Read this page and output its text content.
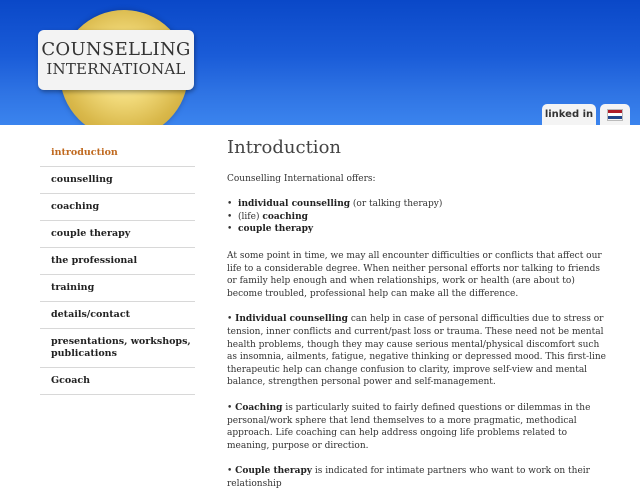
COUNSELLING
INTERNATIONAL
linked in
introduction
counselling
coaching
couple therapy
the professional
training
details/contact
presentations, workshops, publications
Gcoach
Introduction

Counselling International offers:

•  individual counselling (or talking therapy)
•  (life) coaching
•  couple therapy

At some point in time, we may all encounter difficulties or conflicts that affect our life to a considerable degree. When neither personal efforts nor talking to friends or family help enough and when relationships, work or health (are about to) become troubled, professional help can make all the difference.

• Individual counselling can help in case of personal difficulties due to stress or tension, inner conflicts and current/past loss or trauma. These need not be mental health problems, though they may cause serious mental/physical discomfort such as insomnia, ailments, fatigue, negative thinking or depressed mood. This first-line therapeutic help can change confusion to clarity, improve self-view and mental balance, strengthen personal power and self-management.

• Coaching is particularly suited to fairly defined questions or dilemmas in the personal/work sphere that lend themselves to a more pragmatic, methodical approach. Life coaching can help address ongoing life problems related to meaning, purpose or direction.

• Couple therapy is indicated for intimate partners who want to work on their relationship
